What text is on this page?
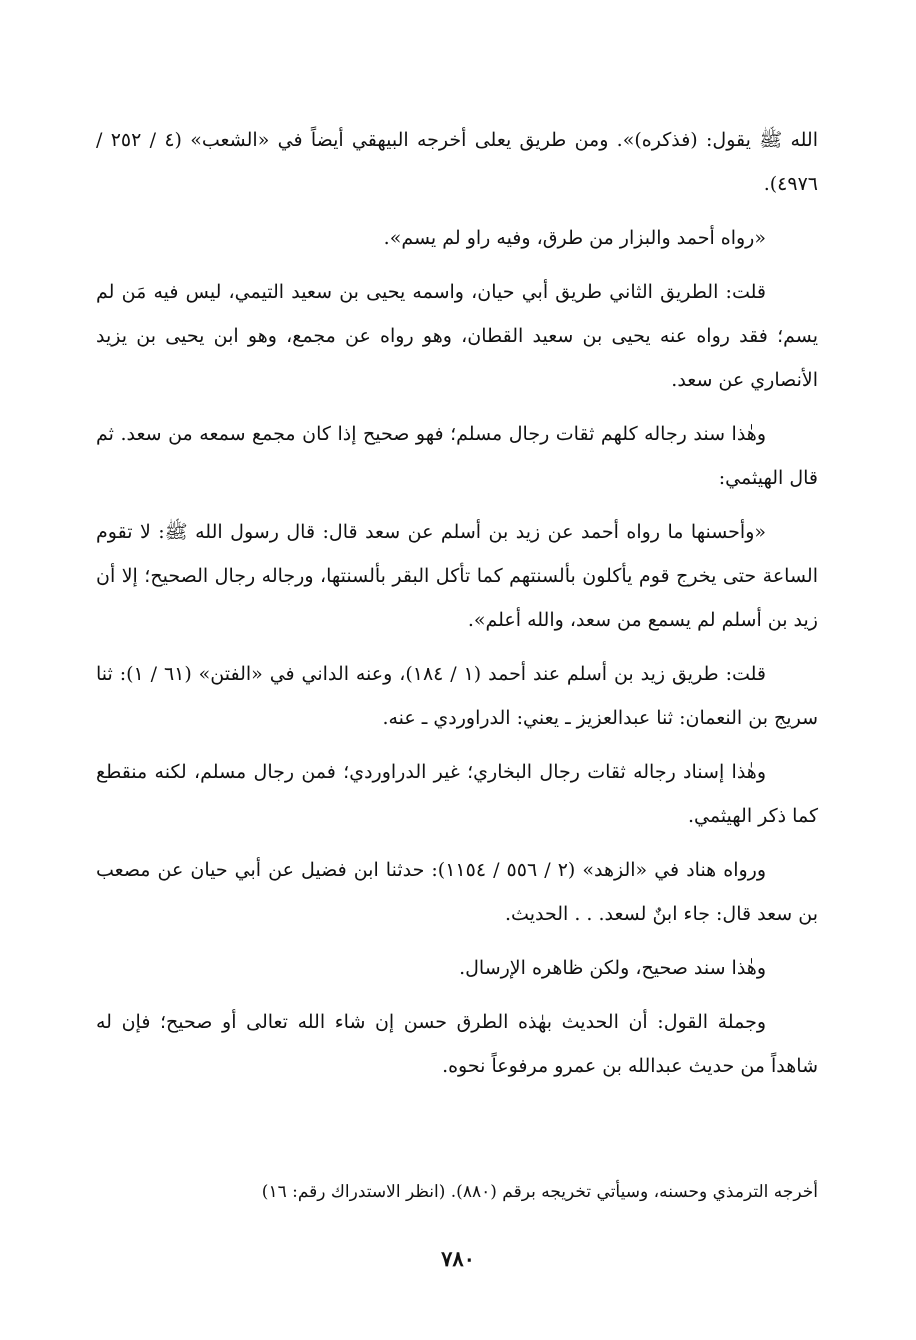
الله ﷺ يقول: (فذكره)». ومن طريق يعلى أخرجه البيهقي أيضاً في «الشعب» (٤ / ٢٥٢ / ٤٩٧٦).

«رواه أحمد والبزار من طرق، وفيه راو لم يسم».

قلت: الطريق الثاني طريق أبي حيان، واسمه يحيى بن سعيد التيمي، ليس فيه مَن لم يسم؛ فقد رواه عنه يحيى بن سعيد القطان، وهو رواه عن مجمع، وهو ابن يحيى بن يزيد الأنصاري عن سعد.

وهٰذا سند رجاله كلهم ثقات رجال مسلم؛ فهو صحيح إذا كان مجمع سمعه من سعد. ثم قال الهيثمي:

«وأحسنها ما رواه أحمد عن زيد بن أسلم عن سعد قال: قال رسول الله ﷺ: لا تقوم الساعة حتى يخرج قوم يأكلون بألسنتهم كما تأكل البقر بألسنتها، ورجاله رجال الصحيح؛ إلا أن زيد بن أسلم لم يسمع من سعد، والله أعلم».

قلت: طريق زيد بن أسلم عند أحمد (١ / ١٨٤)، وعنه الداني في «الفتن» (٦١ / ١): ثنا سريج بن النعمان: ثنا عبدالعزيز ـ يعني: الدراوردي ـ عنه.

وهٰذا إسناد رجاله ثقات رجال البخاري؛ غير الدراوردي؛ فمن رجال مسلم، لكنه منقطع كما ذكر الهيثمي.

ورواه هناد في «الزهد» (٢ / ٥٥٦ / ١١٥٤): حدثنا ابن فضيل عن أبي حيان عن مصعب بن سعد قال: جاء ابنٌ لسعد. . . الحديث.

وهٰذا سند صحيح، ولكن ظاهره الإرسال.

وجملة القول: أن الحديث بهٰذه الطرق حسن إن شاء الله تعالى أو صحيح؛ فإن له شاهداً من حديث عبدالله بن عمرو مرفوعاً نحوه.

أخرجه الترمذي وحسنه، وسيأتي تخريجه برقم (٨٨٠). (انظر الاستدراك رقم: ١٦)
٧٨٠
